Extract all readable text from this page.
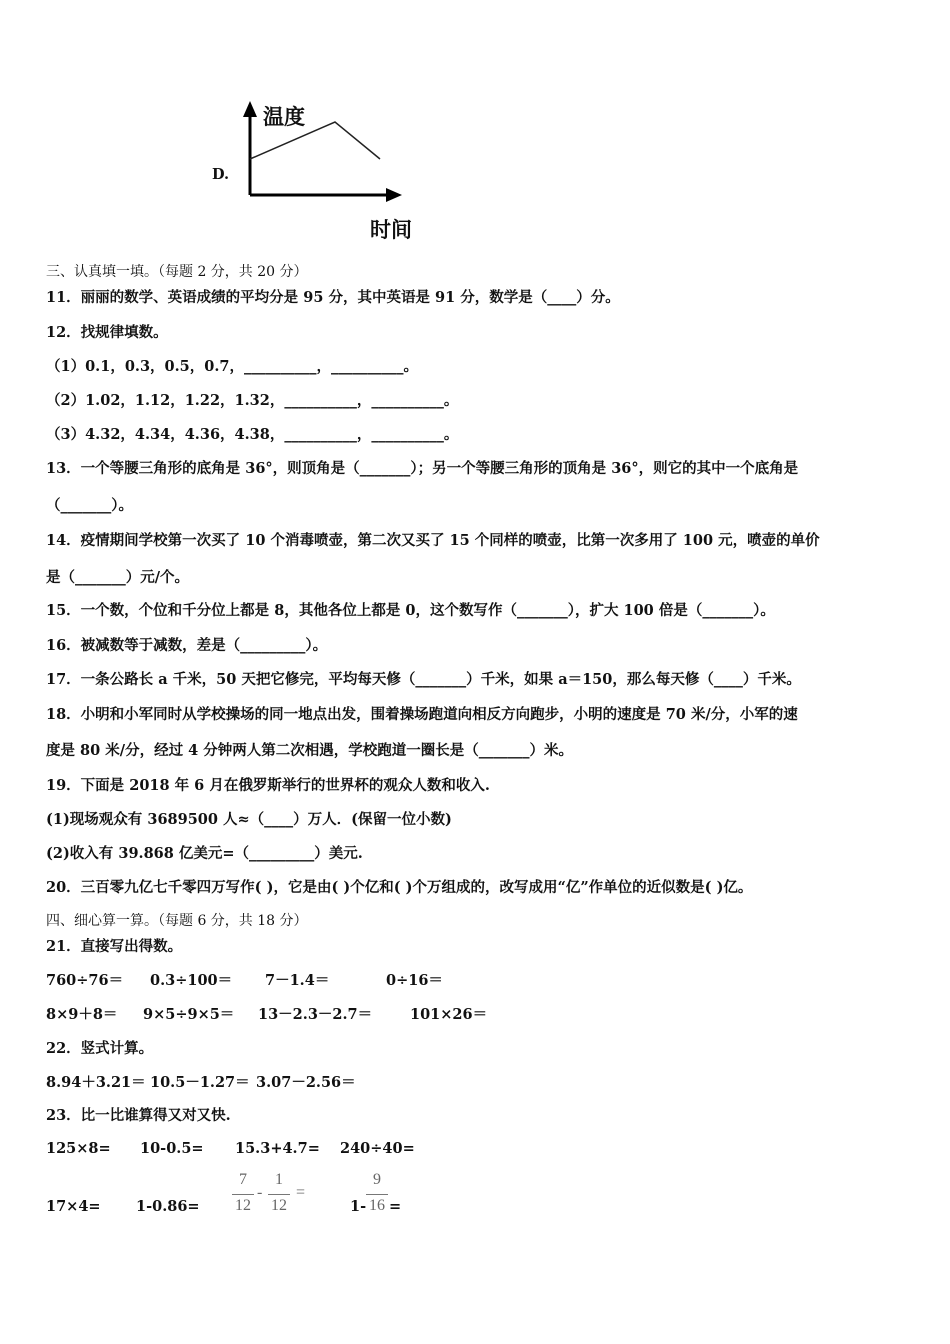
D.
温度
时间
三、认真填一填。（每题 2 分，共 20 分）
11．丽丽的数学、英语成绩的平均分是 95 分，其中英语是 91 分，数学是（____）分。
12．找规律填数。
（1）0.1，0.3，0.5，0.7，__________，__________。
（2）1.02，1.12，1.22，1.32，__________，__________。
（3）4.32，4.34，4.36，4.38，__________，__________。
13．一个等腰三角形的底角是 36°，则顶角是（_______）；另一个等腰三角形的顶角是 36°，则它的其中一个底角是
（_______）。
14．疫情期间学校第一次买了 10 个消毒喷壶，第二次又买了 15 个同样的喷壶，比第一次多用了 100 元，喷壶的单价
是（_______）元/个。
15．一个数，个位和千分位上都是 8，其他各位上都是 0，这个数写作（_______），扩大 100 倍是（_______）。
16．被减数等于减数，差是（_________）。
17．一条公路长 a 千米，50 天把它修完，平均每天修（_______）千米，如果 a＝150，那么每天修（____）千米。
18．小明和小军同时从学校操场的同一地点出发，围着操场跑道向相反方向跑步，小明的速度是 70 米/分，小军的速
度是 80 米/分，经过 4 分钟两人第二次相遇，学校跑道一圈长是（_______）米。
19．下面是 2018 年 6 月在俄罗斯举行的世界杯的观众人数和收入.
(1)现场观众有 3689500 人≈（____）万人．(保留一位小数)
(2)收入有 39.868 亿美元=（_________）美元.
20．三百零九亿七千零四万写作( )，它是由( )个亿和( )个万组成的，改写成用“亿”作单位的近似数是( )亿。
四、细心算一算。（每题 6 分，共 18 分）
21．直接写出得数。
760÷76＝ 0.3÷100＝ 7－1.4＝	0÷16＝
8×9＋8＝ 9×5÷9×5＝ 13－2.3－2.7＝	101×26＝
22．竖式计算。
8.94＋3.21＝ 10.5－1.27＝ 3.07－2.56＝
23．比一比谁算得又对又快.
125×8= 10-0.5= 15.3+4.7= 240÷40=
17×4= 1-0.86=
7
12
-
1
12
=
1-
9
16 =
